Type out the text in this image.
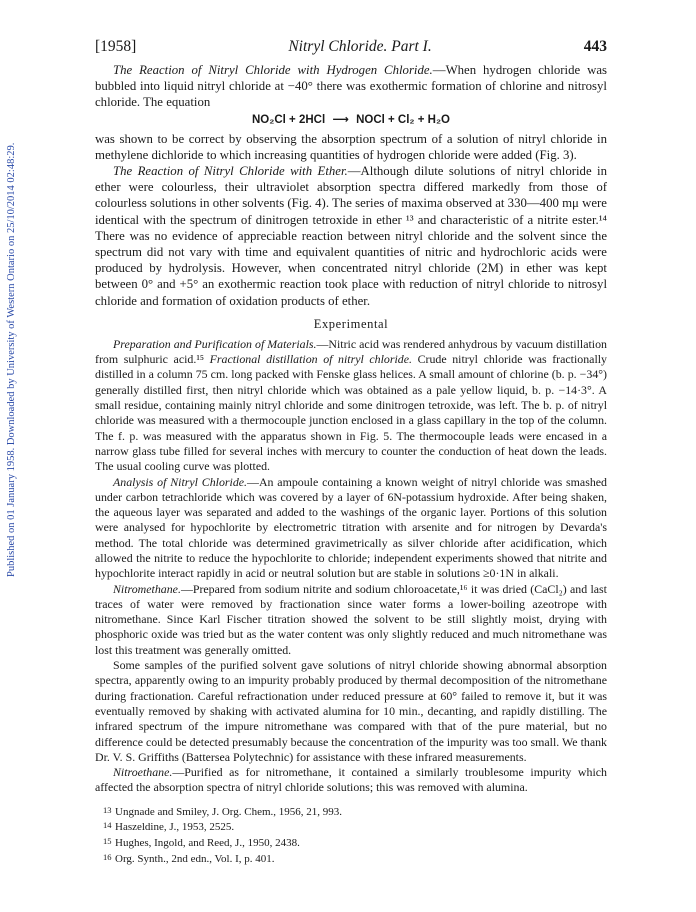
Published on 01 January 1958. Downloaded by University of Western Ontario on 25/10/2014 02:48:29.
[1958]	Nitryl Chloride. Part I.	443

The Reaction of Nitryl Chloride with Hydrogen Chloride.—When hydrogen chloride was bubbled into liquid nitryl chloride at −40° there was exothermic formation of chlorine and nitrosyl chloride. The equation

NO₂Cl + 2HCl ⟶ NOCl + Cl₂ + H₂O

was shown to be correct by observing the absorption spectrum of a solution of nitryl chloride in methylene dichloride to which increasing quantities of hydrogen chloride were added (Fig. 3).

The Reaction of Nitryl Chloride with Ether.—Although dilute solutions of nitryl chloride in ether were colourless, their ultraviolet absorption spectra differed markedly from those of colourless solutions in other solvents (Fig. 4). The series of maxima observed at 330—400 mμ were identical with the spectrum of dinitrogen tetroxide in ether ¹³ and characteristic of a nitrite ester.¹⁴ There was no evidence of appreciable reaction between nitryl chloride and the solvent since the spectrum did not vary with time and equivalent quantities of nitric and hydrochloric acids were produced by hydrolysis. However, when concentrated nitryl chloride (2M) in ether was kept between 0° and +5° an exothermic reaction took place with reduction of nitryl chloride to nitrosyl chloride and formation of oxidation products of ether.

Experimental

Preparation and Purification of Materials.—Nitric acid was rendered anhydrous by vacuum distillation from sulphuric acid.¹⁵ Fractional distillation of nitryl chloride. Crude nitryl chloride was fractionally distilled in a column 75 cm. long packed with Fenske glass helices. A small amount of chlorine (b. p. −34°) generally distilled first, then nitryl chloride which was obtained as a pale yellow liquid, b. p. −14·3°. A small residue, containing mainly nitryl chloride and some dinitrogen tetroxide, was left. The b. p. of nitryl chloride was measured with a thermocouple junction enclosed in a glass capillary in the top of the column. The f. p. was measured with the apparatus shown in Fig. 5. The thermocouple leads were encased in a narrow glass tube filled for several inches with mercury to counter the conduction of heat down the leads. The usual cooling curve was plotted.

Analysis of Nitryl Chloride.—An ampoule containing a known weight of nitryl chloride was smashed under carbon tetrachloride which was covered by a layer of 6N-potassium hydroxide. After being shaken, the aqueous layer was separated and added to the washings of the organic layer. Portions of this solution were analysed for hypochlorite by electrometric titration with arsenite and for nitrogen by Devarda's method. The total chloride was determined gravimetrically as silver chloride after acidification, which allowed the nitrite to reduce the hypochlorite to chloride; independent experiments showed that nitrite and hypochlorite interact rapidly in acid or neutral solution but are stable in solutions ≥0·1N in alkali.

Nitromethane.—Prepared from sodium nitrite and sodium chloroacetate,¹⁶ it was dried (CaCl₂) and last traces of water were removed by fractionation since water forms a lower-boiling azeotrope with nitromethane. Since Karl Fischer titration showed the solvent to be still slightly moist, drying with phosphoric oxide was tried but as the water content was only slightly reduced and much nitromethane was lost this treatment was generally omitted.

Some samples of the purified solvent gave solutions of nitryl chloride showing abnormal absorption spectra, apparently owing to an impurity probably produced by thermal decomposition of the nitromethane during fractionation. Careful refractionation under reduced pressure at 60° failed to remove it, but it was eventually removed by shaking with activated alumina for 10 min., decanting, and rapidly distilling. The infrared spectrum of the impure nitromethane was compared with that of the pure material, but no difference could be detected presumably because the concentration of the impurity was too small. We thank Dr. V. S. Griffiths (Battersea Polytechnic) for assistance with these infrared measurements.

Nitroethane.—Purified as for nitromethane, it contained a similarly troublesome impurity which affected the absorption spectra of nitryl chloride solutions; this was removed with alumina.

13 Ungnade and Smiley, J. Org. Chem., 1956, 21, 993.
14 Haszeldine, J., 1953, 2525.
15 Hughes, Ingold, and Reed, J., 1950, 2438.
16 Org. Synth., 2nd edn., Vol. I, p. 401.
